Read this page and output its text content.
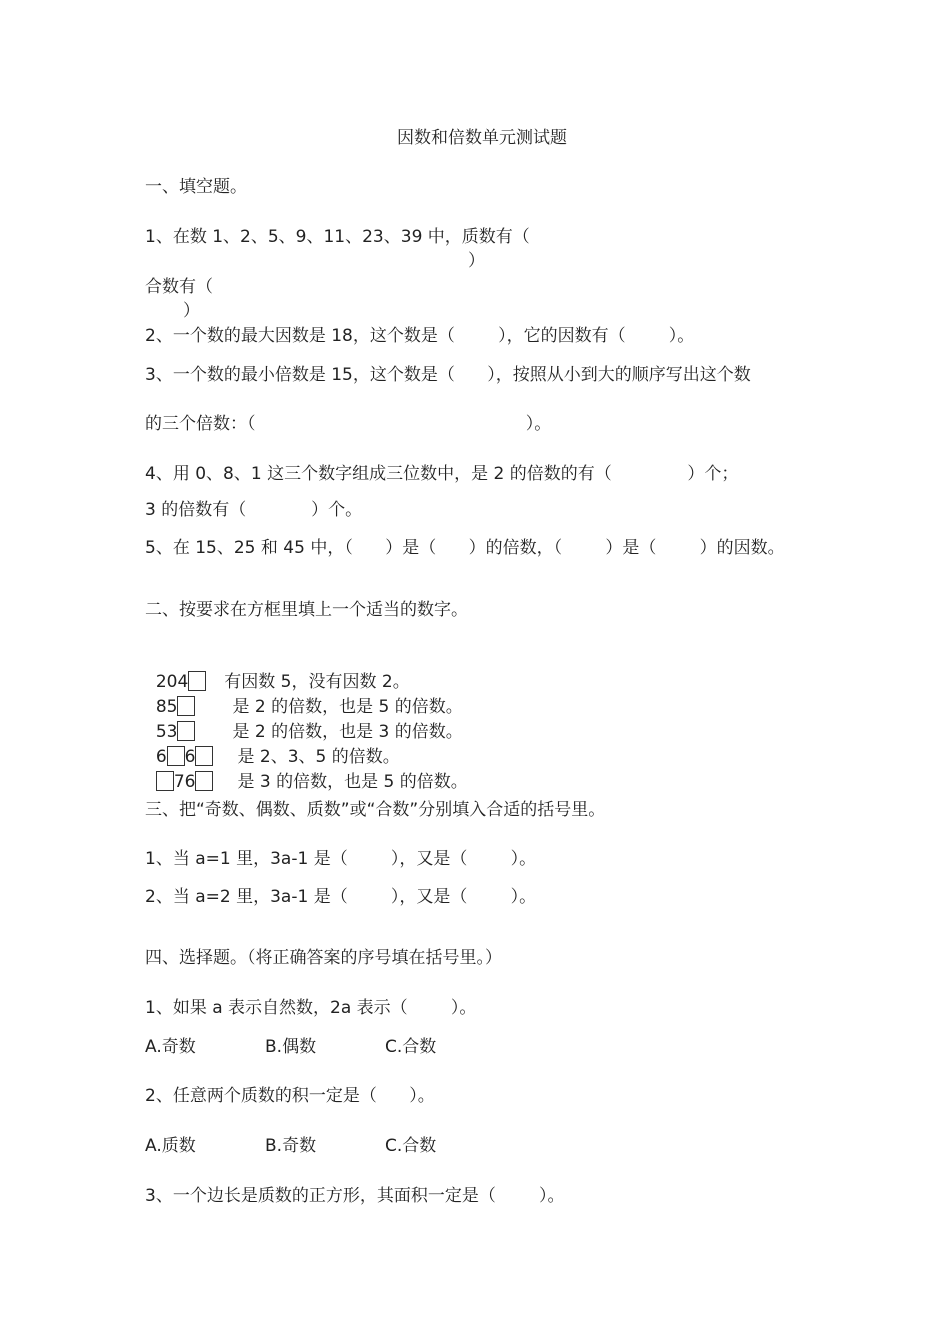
因数和倍数单元测试题
一、填空题。
1、在数 1、2、5、9、11、23、39 中，质数有（
）
合数有（
）
2、一个数的最大因数是 18，这个数是（        ），它的因数有（        ）。
3、一个数的最小倍数是 15，这个数是（      ），按照从小到大的顺序写出这个数
的三个倍数：（                                                  ）。
4、用 0、8、1 这三个数字组成三位数中，是 2 的倍数的有（              ）个；
3 的倍数有（            ）个。
5、在 15、25 和 45 中，（      ）是（      ）的倍数，（        ）是（        ）的因数。
二、按要求在方框里填上一个适当的数字。

204 有因数 5，没有因数 2。

85	是 2 的倍数，也是 5 的倍数。

53	是 2 的倍数，也是 3 的倍数。

6 6 是 2、3、5 的倍数。

76 是 3 的倍数，也是 5 的倍数。

三、把“奇数、偶数、质数”或“合数”分别填入合适的括号里。
1、当 a=1 里，3a-1 是（        ），又是（        ）。
2、当 a=2 里，3a-1 是（        ），又是（        ）。
四、选择题。（将正确答案的序号填在括号里。）
1、如果 a 表示自然数，2a 表示（        ）。
A.奇数	B.偶数	C.合数
2、任意两个质数的积一定是（      ）。
A.质数	B.奇数	C.合数
3、一个边长是质数的正方形，其面积一定是（        ）。
